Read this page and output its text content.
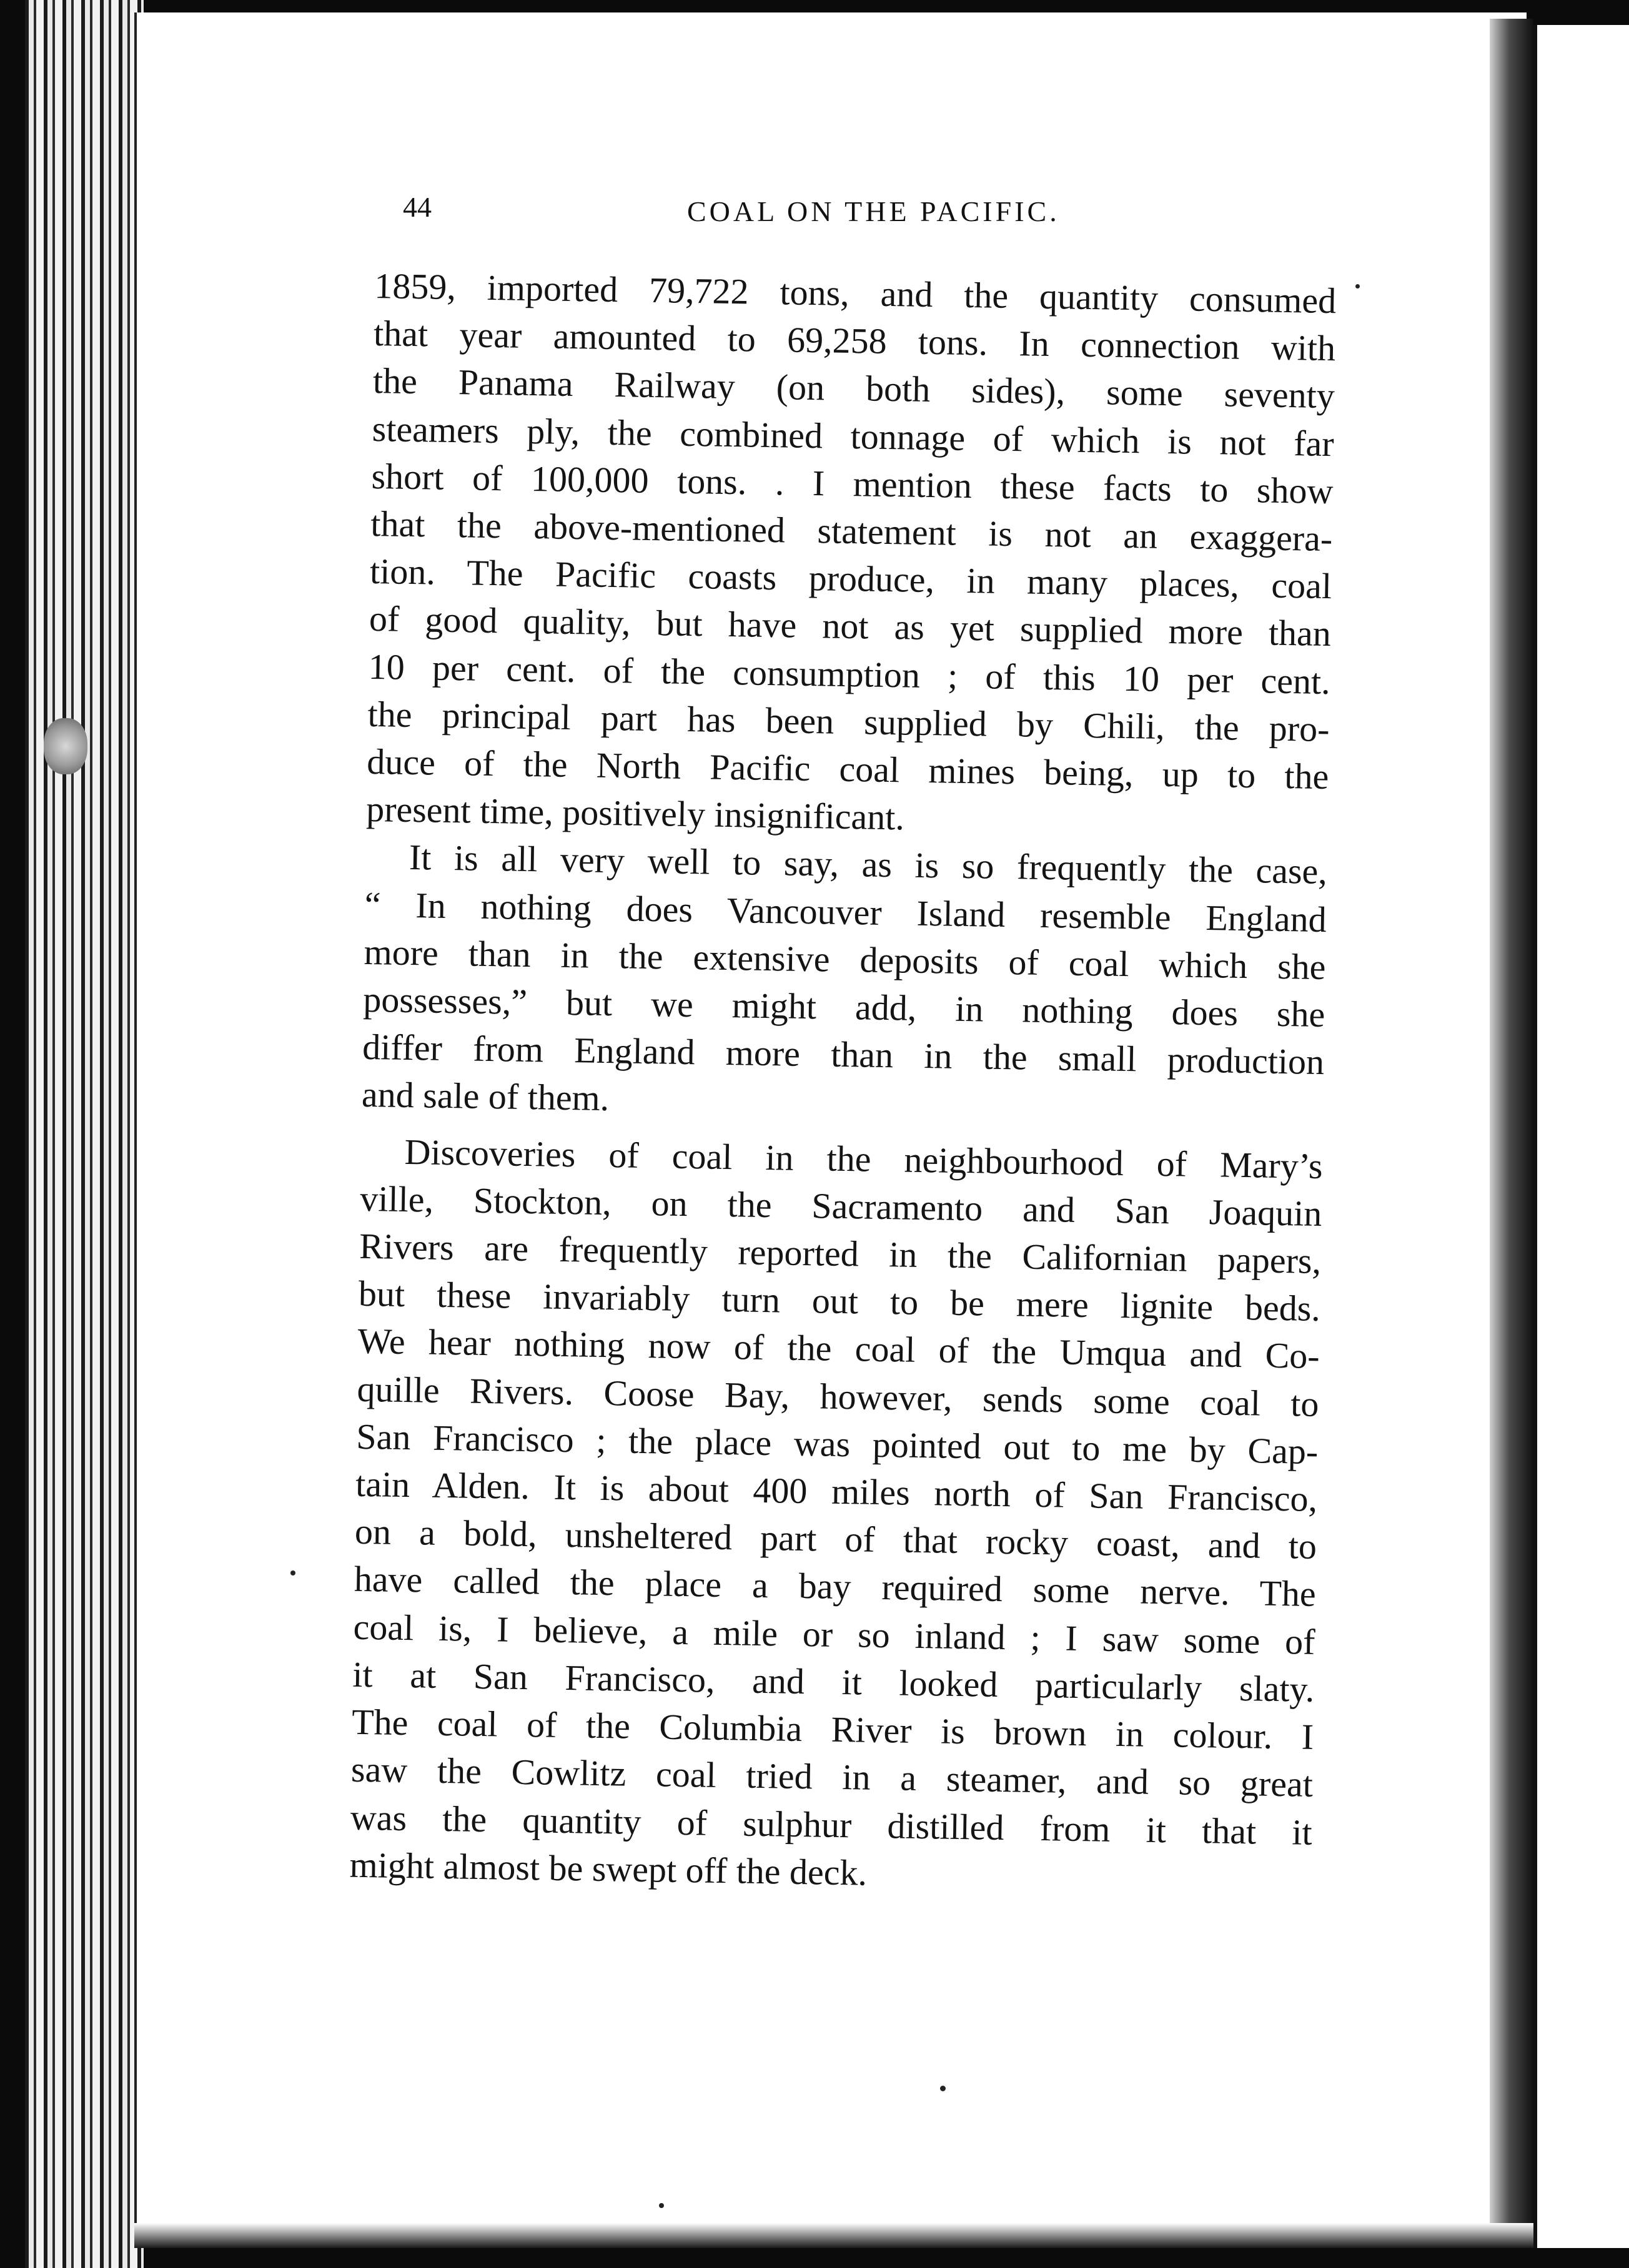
44	COAL ON THE PACIFIC.
1859, imported 79,722 tons, and the quantity consumed
that year amounted to 69,258 tons. In connection with
the Panama Railway (on both sides), some seventy
steamers ply, the combined tonnage of which is not far
short of 100,000 tons. . I mention these facts to show
that the above-mentioned statement is not an exaggera-
tion. The Pacific coasts produce, in many places, coal
of good quality, but have not as yet supplied more than
10 per cent. of the consumption ; of this 10 per cent.
the principal part has been supplied by Chili, the pro-
duce of the North Pacific coal mines being, up to the
present time, positively insignificant.
It is all very well to say, as is so frequently the case,
“ In nothing does Vancouver Island resemble England
more than in the extensive deposits of coal which she
possesses,” but we might add, in nothing does she
differ from England more than in the small production
and sale of them.
Discoveries of coal in the neighbourhood of Mary’s
ville, Stockton, on the Sacramento and San Joaquin
Rivers are frequently reported in the Californian papers,
but these invariably turn out to be mere lignite beds.
We hear nothing now of the coal of the Umqua and Co-
quille Rivers. Coose Bay, however, sends some coal to
San Francisco ; the place was pointed out to me by Cap-
tain Alden. It is about 400 miles north of San Francisco,
on a bold, unsheltered part of that rocky coast, and to
have called the place a bay required some nerve. The
coal is, I believe, a mile or so inland ; I saw some of
it at San Francisco, and it looked particularly slaty.
The coal of the Columbia River is brown in colour. I
saw the Cowlitz coal tried in a steamer, and so great
was the quantity of sulphur distilled from it that it
might almost be swept off the deck.
